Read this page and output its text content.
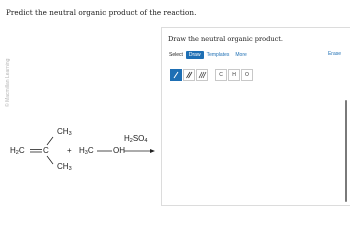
© Macmillan Learning
Predict the neutral organic product of the reaction.
$CH_3$
$H_2C$ C
$CH_3$
+ $H_3C$ OH
$H_2SO_4$
Draw the neutral organic product.
Select	Draw	Templates	More	Erase
C	H	O
